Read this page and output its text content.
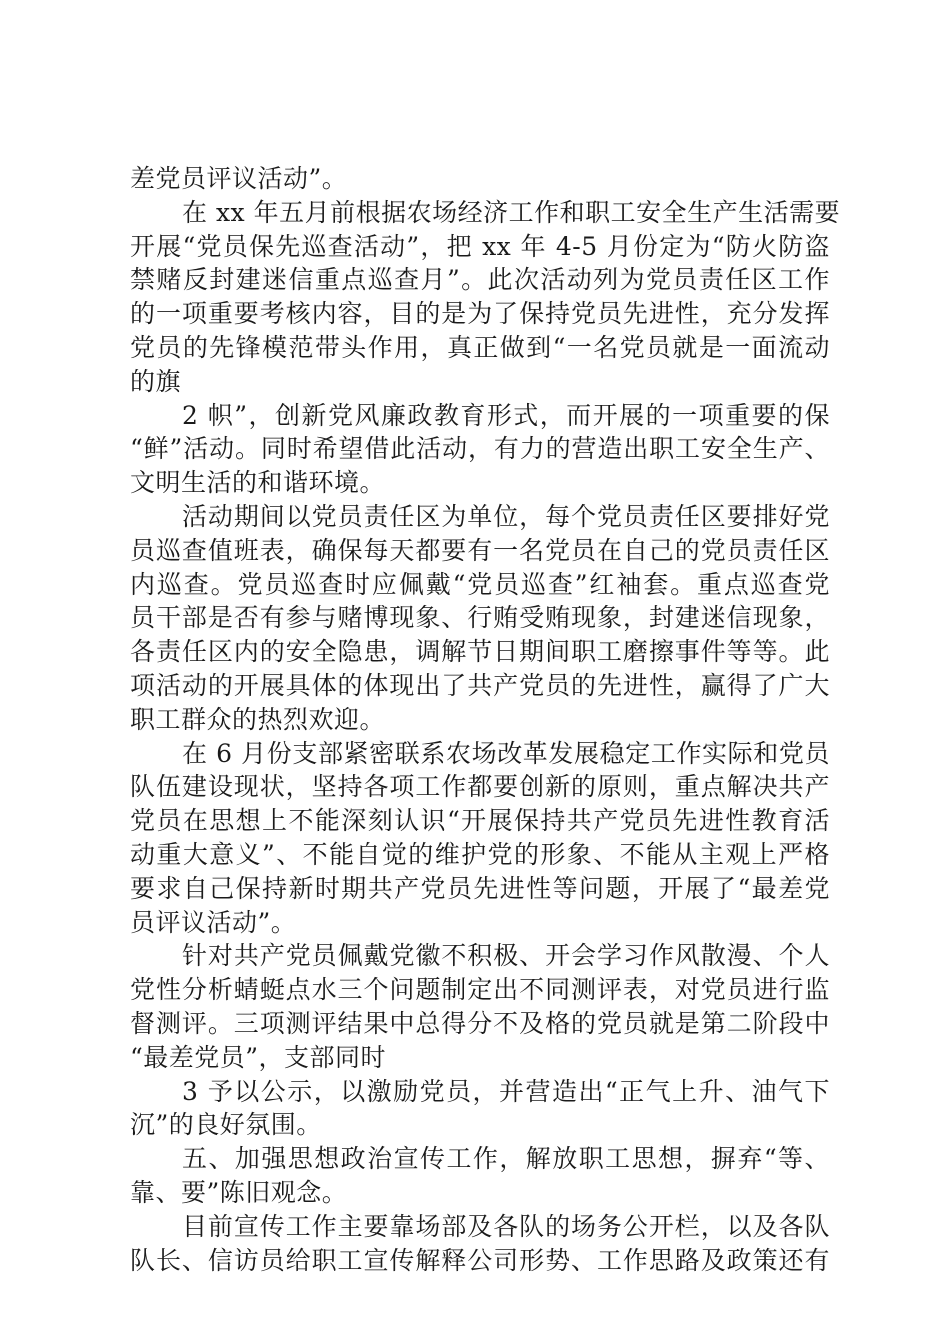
差党员评议活动”。
在 xx 年五月前根据农场经济工作和职工安全生产生活需要
开展“党员保先巡查活动”，把 xx 年 4-5 月份定为“防火防盗
禁赌反封建迷信重点巡查月”。此次活动列为党员责任区工作
的一项重要考核内容，目的是为了保持党员先进性，充分发挥
党员的先锋模范带头作用，真正做到“一名党员就是一面流动
的旗
2 帜”，创新党风廉政教育形式，而开展的一项重要的保
“鲜”活动。同时希望借此活动，有力的营造出职工安全生产、
文明生活的和谐环境。
活动期间以党员责任区为单位，每个党员责任区要排好党
员巡查值班表，确保每天都要有一名党员在自己的党员责任区
内巡查。党员巡查时应佩戴“党员巡查”红袖套。重点巡查党
员干部是否有参与赌博现象、行贿受贿现象，封建迷信现象，
各责任区内的安全隐患，调解节日期间职工磨擦事件等等。此
项活动的开展具体的体现出了共产党员的先进性，赢得了广大
职工群众的热烈欢迎。
在 6 月份支部紧密联系农场改革发展稳定工作实际和党员
队伍建设现状，坚持各项工作都要创新的原则，重点解决共产
党员在思想上不能深刻认识“开展保持共产党员先进性教育活
动重大意义”、不能自觉的维护党的形象、不能从主观上严格
要求自己保持新时期共产党员先进性等问题，开展了“最差党
员评议活动”。
针对共产党员佩戴党徽不积极、开会学习作风散漫、个人
党性分析蜻蜓点水三个问题制定出不同测评表，对党员进行监
督测评。三项测评结果中总得分不及格的党员就是第二阶段中
“最差党员”，支部同时
3 予以公示，以激励党员，并营造出“正气上升、油气下
沉”的良好氛围。
五、加强思想政治宣传工作，解放职工思想，摒弃“等、
靠、要”陈旧观念。
目前宣传工作主要靠场部及各队的场务公开栏，以及各队
队长、信访员给职工宣传解释公司形势、工作思路及政策还有
